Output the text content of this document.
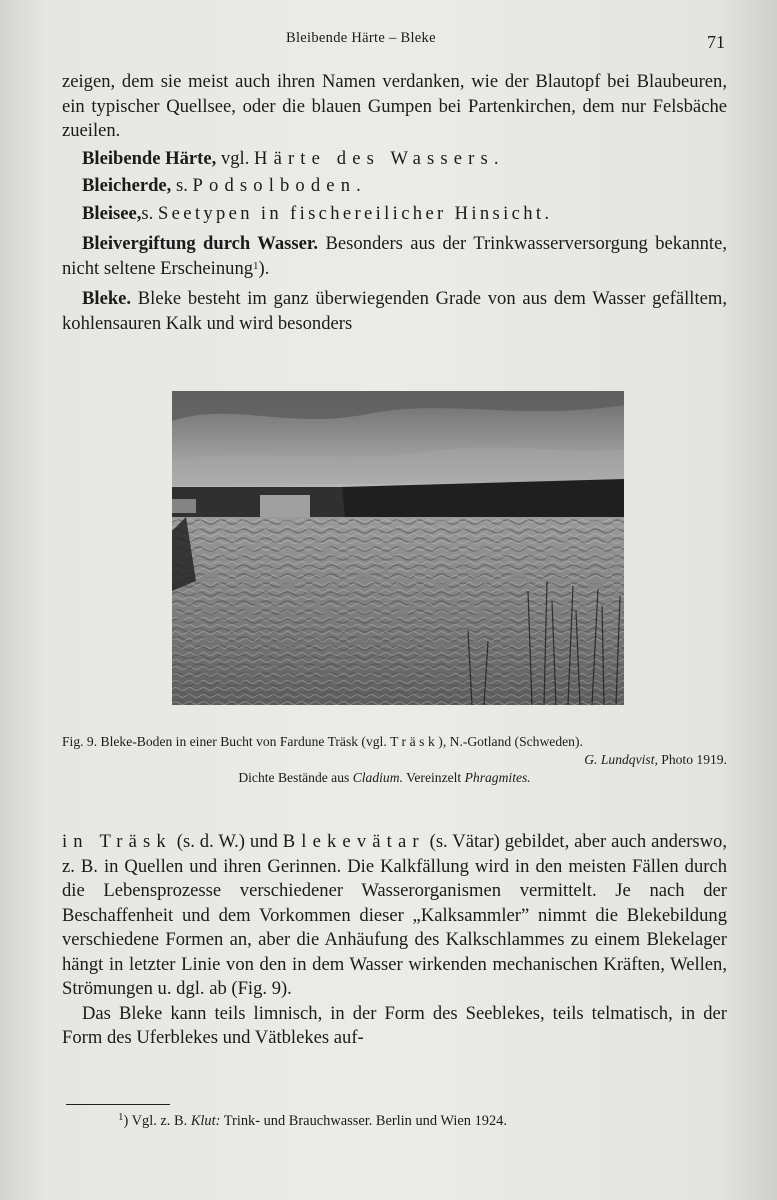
Bleibende Härte – Bleke	71

zeigen, dem sie meist auch ihren Namen verdanken, wie der Blautopf bei Blaubeuren, ein typischer Quellsee, oder die blauen Gumpen bei Partenkirchen, dem nur Felsbäche zueilen.

Bleibende Härte, vgl. Härte des Wassers.

Bleicherde, s. Podsolboden.

Bleisee,s. Seetypen in fischereilicher Hinsicht.

Bleivergiftung durch Wasser. Besonders aus der Trinkwasserversorgung bekannte, nicht seltene Erscheinung$^1$).

Bleke. Bleke besteht im ganz überwiegenden Grade von aus dem Wasser gefälltem, kohlensauren Kalk und wird besonders

Fig. 9. Bleke-Boden in einer Bucht von Fardune Träsk (vgl. Träsk), N.-Gotland (Schweden).
G. Lundqvist, Photo 1919.
Dichte Bestände aus Cladium. Vereinzelt Phragmites.

in Träsk (s. d. W.) und Blekevätar (s. Vätar) gebildet, aber auch anderswo, z. B. in Quellen und ihren Gerinnen. Die Kalkfällung wird in den meisten Fällen durch die Lebensprozesse verschiedener Wasserorganismen vermittelt. Je nach der Beschaffenheit und dem Vorkommen dieser „Kalksammler” nimmt die Blekebildung verschiedene Formen an, aber die Anhäufung des Kalkschlammes zu einem Blekelager hängt in letzter Linie von den in dem Wasser wirkenden mechanischen Kräften, Wellen, Strömungen u. dgl. ab (Fig. 9).

Das Bleke kann teils limnisch, in der Form des Seeblekes, teils telmatisch, in der Form des Uferblekes und Vätblekes auf-

$^1$) Vgl. z. B. Klut: Trink- und Brauchwasser. Berlin und Wien 1924.
